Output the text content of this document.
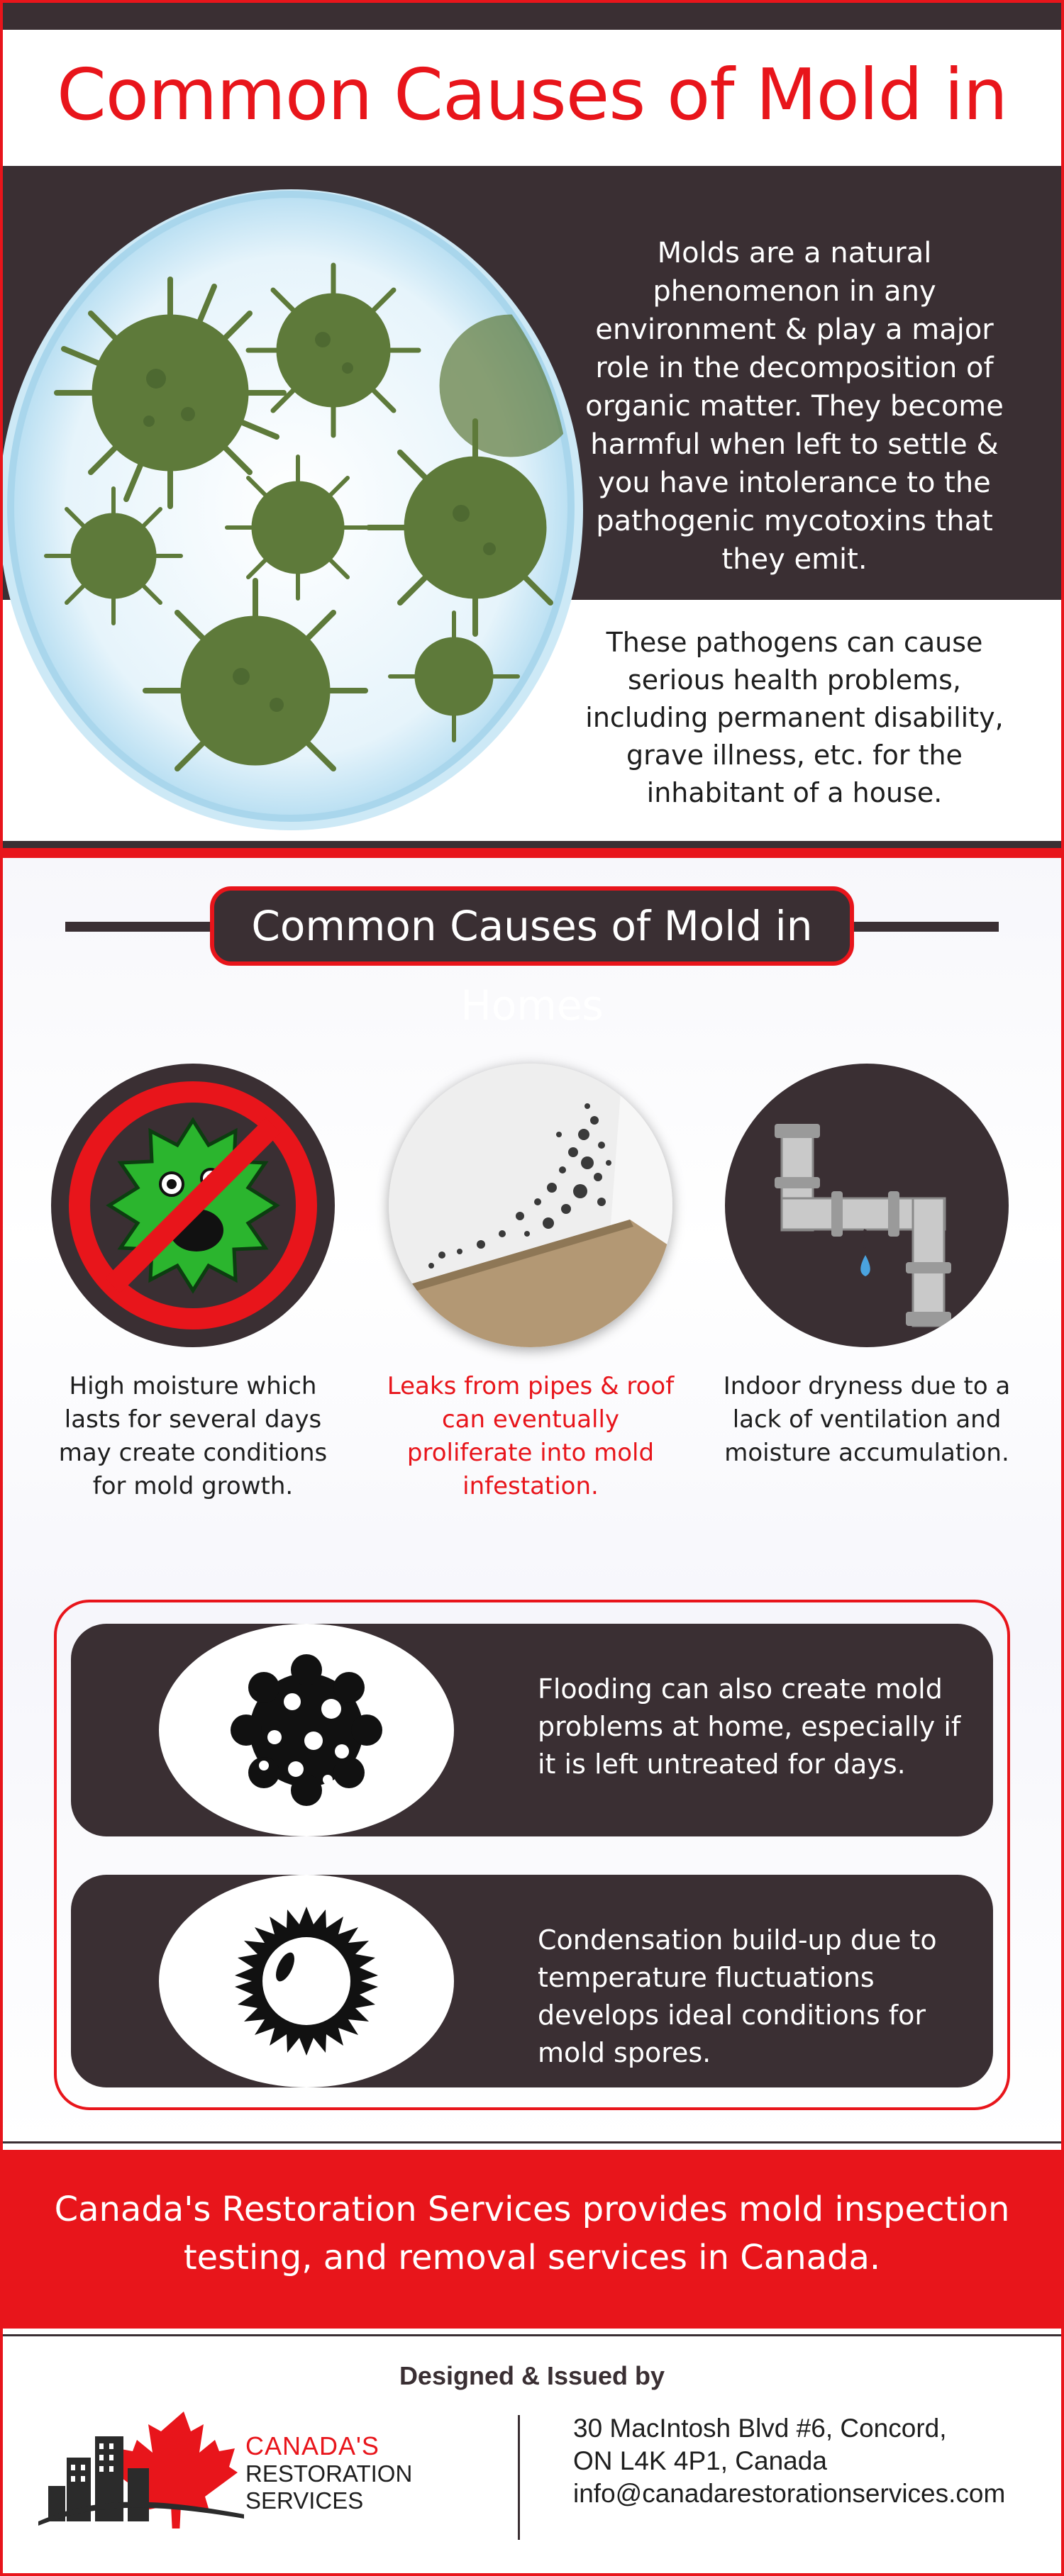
Common Causes of Mold in
Molds are a natural phenomenon in any environment & play a major role in the decomposition of organic matter. They become harmful when left to settle & you have intolerance to the pathogenic mycotoxins that they emit.
These pathogens can cause serious health problems, including permanent disability, grave illness, etc. for the inhabitant of a house.
Common Causes of Mold in Homes
High moisture which lasts for several days may create conditions for mold growth.
Leaks from pipes & roof can eventually proliferate into mold infestation.
Indoor dryness due to a lack of ventilation and moisture accumulation.
Flooding can also create mold problems at home, especially if it is left untreated for days.
Condensation build-up due to temperature fluctuations develops ideal conditions for mold spores.
Canada's Restoration Services provides mold inspection testing, and removal services in Canada.
Designed & Issued by
CANADA'S
RESTORATION
SERVICES
30 MacIntosh Blvd #6, Concord,
ON L4K 4P1, Canada
info@canadarestorationservices.com
